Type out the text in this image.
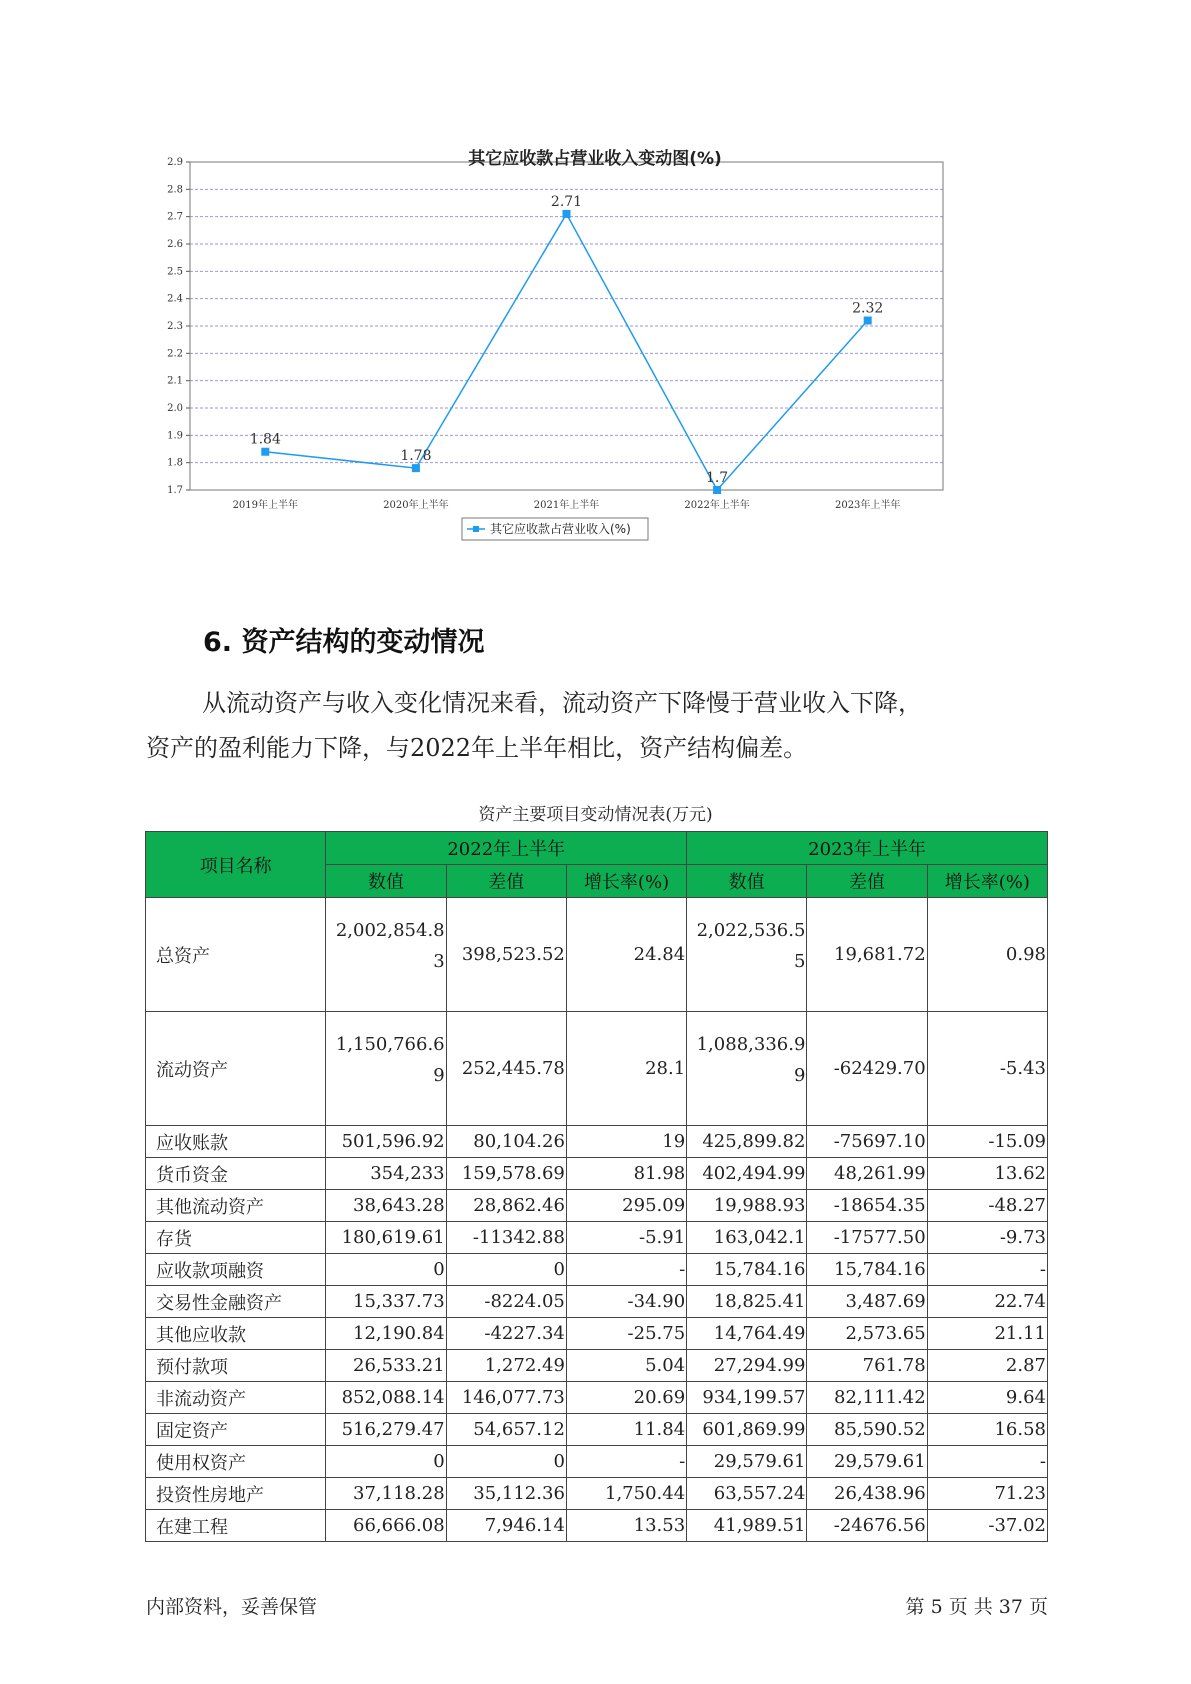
其它应收款占营业收入变动图(%)
1.7
1.8
1.9
2.0
2.1
2.2
2.3
2.4
2.5
2.6
2.7
2.8
2.9
2019年上半年	2020年上半年	2021年上半年	2022年上半年	2023年上半年
1.84
1.78
2.71
1.7
2.32
其它应收款占营业收入(%)
6. 资产结构的变动情况

从流动资产与收入变化情况来看，流动资产下降慢于营业收入下降，

资产的盈利能力下降，与2022年上半年相比，资产结构偏差。

资产主要项目变动情况表(万元)
项目名称	2022年上半年			2023年上半年		
	数值	差值	增长率(%)	数值	差值	增长率(%)
总资产	2,002,854.83	398,523.52	24.84	2,022,536.55	19,681.72	0.98
流动资产	1,150,766.69	252,445.78	28.1	1,088,336.99	-62429.70	-5.43
应收账款	501,596.92	80,104.26	19	425,899.82	-75697.10	-15.09
货币资金	354,233	159,578.69	81.98	402,494.99	48,261.99	13.62
其他流动资产	38,643.28	28,862.46	295.09	19,988.93	-18654.35	-48.27
存货	180,619.61	-11342.88	-5.91	163,042.1	-17577.50	-9.73
应收款项融资	0	0	-	15,784.16	15,784.16	-
交易性金融资产	15,337.73	-8224.05	-34.90	18,825.41	3,487.69	22.74
其他应收款	12,190.84	-4227.34	-25.75	14,764.49	2,573.65	21.11
预付款项	26,533.21	1,272.49	5.04	27,294.99	761.78	2.87
非流动资产	852,088.14	146,077.73	20.69	934,199.57	82,111.42	9.64
固定资产	516,279.47	54,657.12	11.84	601,869.99	85,590.52	16.58
使用权资产	0	0	-	29,579.61	29,579.61	-
投资性房地产	37,118.28	35,112.36	1,750.44	63,557.24	26,438.96	71.23
在建工程	66,666.08	7,946.14	13.53	41,989.51	-24676.56	-37.02
内部资料，妥善保管	第 5 页 共 37 页
